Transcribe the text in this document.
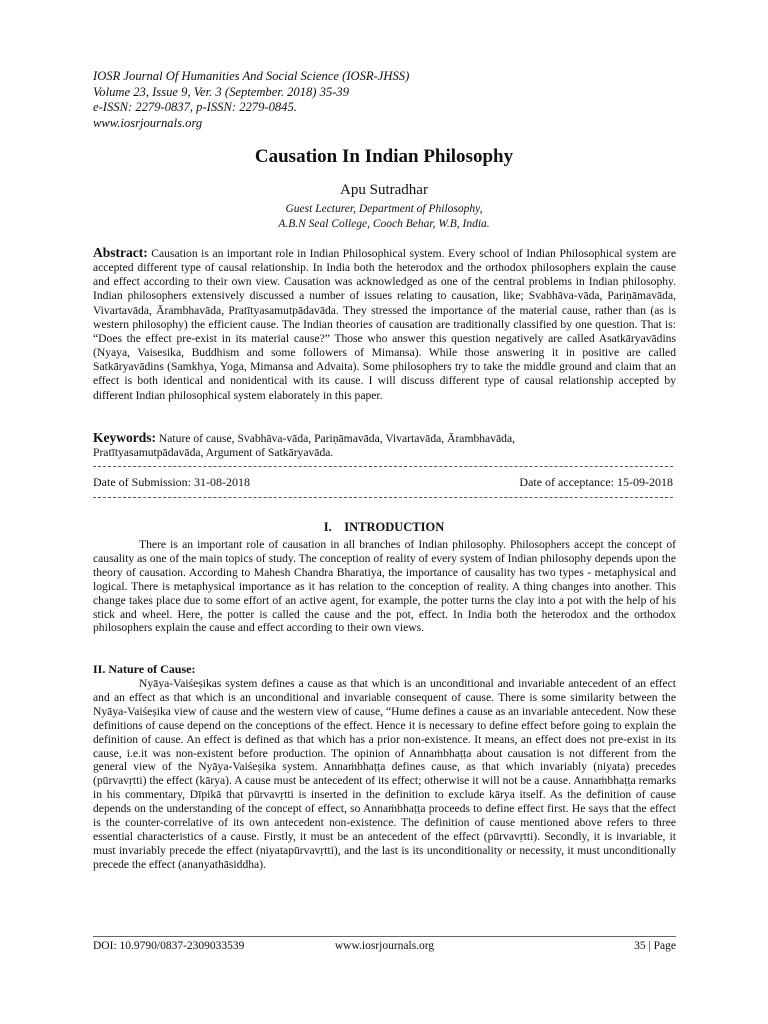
IOSR Journal Of Humanities And Social Science (IOSR-JHSS)
Volume 23, Issue 9, Ver. 3 (September. 2018) 35-39
e-ISSN: 2279-0837, p-ISSN: 2279-0845.
www.iosrjournals.org
Causation In Indian Philosophy
Apu Sutradhar
Guest Lecturer, Department of Philosophy,
A.B.N Seal College, Cooch Behar, W.B, India.
Abstract: Causation is an important role in Indian Philosophical system. Every school of Indian Philosophical system are accepted different type of causal relationship. In India both the heterodox and the orthodox philosophers explain the cause and effect according to their own view. Causation was acknowledged as one of the central problems in Indian philosophy. Indian philosophers extensively discussed a number of issues relating to causation, like; Svabhāva-vāda, Pariṇāmavāda, Vivartavāda, Ārambhavāda, Pratītyasamutpādavāda. They stressed the importance of the material cause, rather than (as is western philosophy) the efficient cause. The Indian theories of causation are traditionally classified by one question. That is: “Does the effect pre-exist in its material cause?” Those who answer this question negatively are called Asatkāryavādins (Nyaya, Vaisesika, Buddhism and some followers of Mimansa). While those answering it in positive are called Satkāryavādins (Samkhya, Yoga, Mimansa and Advaita). Some philosophers try to take the middle ground and claim that an effect is both identical and nonidentical with its cause. I will discuss different type of causal relationship accepted by different Indian philosophical system elaborately in this paper.
Keywords: Nature of cause, Svabhāva-vāda, Pariṇāmavāda, Vivartavāda, Ārambhavāda,
Pratītyasamutpādavāda, Argument of Satkāryavāda.
Date of Submission: 31-08-2018	Date of acceptance: 15-09-2018
I.    INTRODUCTION

There is an important role of causation in all branches of Indian philosophy. Philosophers accept the concept of causality as one of the main topics of study. The conception of reality of every system of Indian philosophy depends upon the theory of causation. According to Mahesh Chandra Bharatiya, the importance of causality has two types - metaphysical and logical. There is metaphysical importance as it has relation to the conception of reality. A thing changes into another. This change takes place due to some effort of an active agent, for example, the potter turns the clay into a pot with the help of his stick and wheel. Here, the potter is called the cause and the pot, effect. In India both the heterodox and the orthodox philosophers explain the cause and effect according to their own views.

II. Nature of Cause:

Nyāya-Vaiśeṣikas system defines a cause as that which is an unconditional and invariable antecedent of an effect and an effect as that which is an unconditional and invariable consequent of cause. There is some similarity between the Nyāya-Vaiśeṣika view of cause and the western view of cause, “Hume defines a cause as an invariable antecedent. Now these definitions of cause depend on the conceptions of the effect. Hence it is necessary to define effect before going to explain the definition of cause. An effect is defined as that which has a prior non-existence. It means, an effect does not pre-exist in its cause, i.e.it was non-existent before production. The opinion of Annaṁbhaṭṭa about causation is not different from the general view of the Nyāya-Vaiśeṣika system. Annaṁbhaṭṭa defines cause, as that which invariably (niyata) precedes (pūrvavṛtti) the effect (kārya). A cause must be antecedent of its effect; otherwise it will not be a cause. Annaṁbhaṭṭa remarks in his commentary, Dīpikā that pūrvavṛtti is inserted in the definition to exclude kārya itself. As the definition of cause depends on the understanding of the concept of effect, so Annaṁbhaṭṭa proceeds to define effect first. He says that the effect is the counter-correlative of its own antecedent non-existence. The definition of cause mentioned above refers to three essential characteristics of a cause. Firstly, it must be an antecedent of the effect (pūrvavṛtti). Secondly, it is invariable, it must invariably precede the effect (niyatapūrvavṛtti), and the last is its unconditionality or necessity, it must unconditionally precede the effect (ananyathāsiddha).

DOI: 10.9790/0837-2309033539	www.iosrjournals.org	35 | Page
